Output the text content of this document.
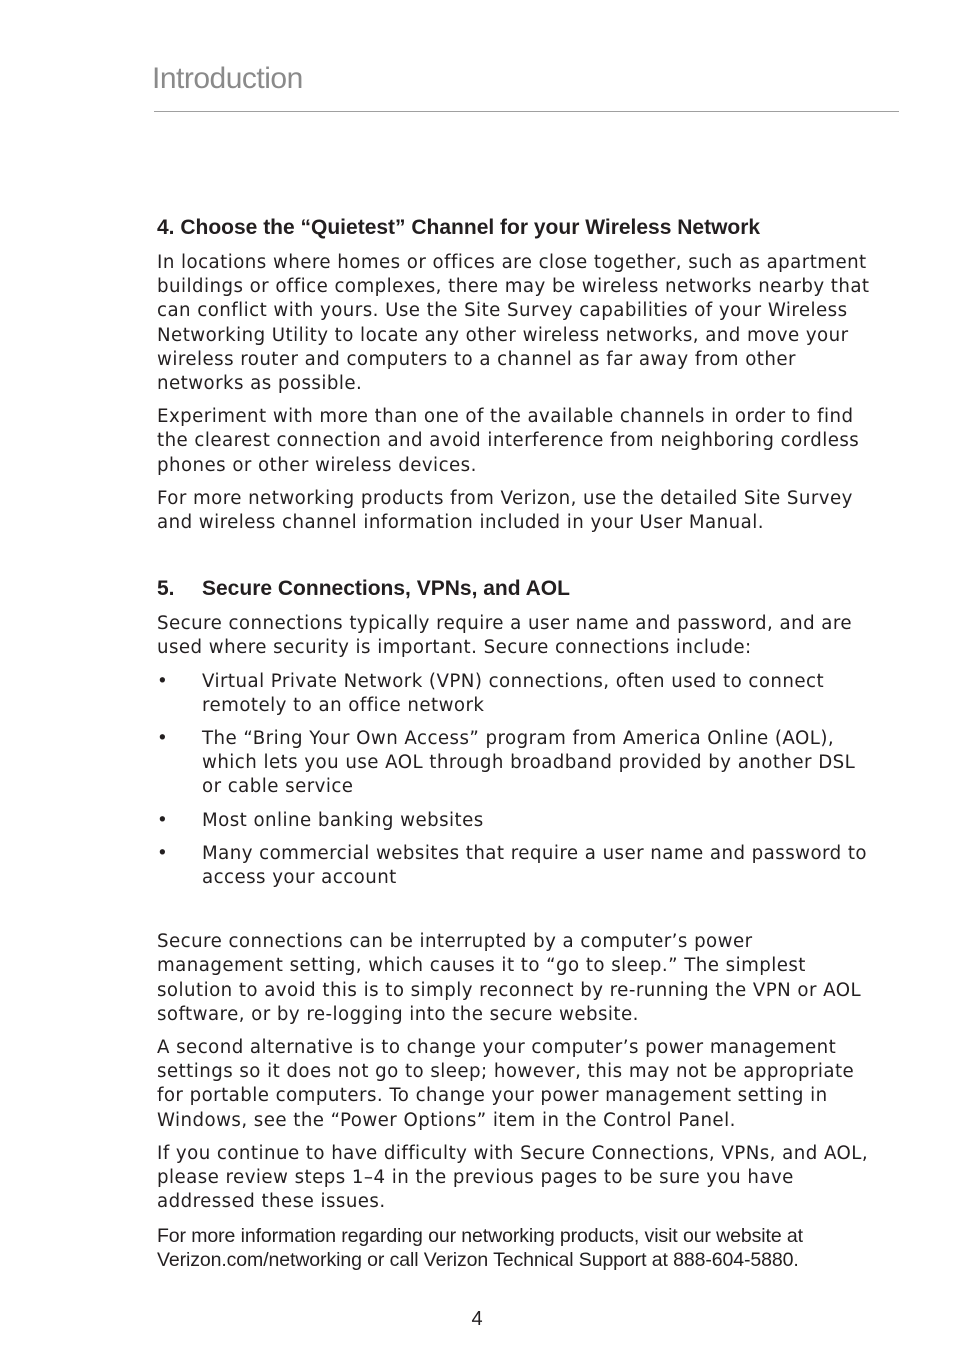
Introduction
4. Choose the “Quietest” Channel for your Wireless Network

In locations where homes or offices are close together, such as apartment buildings or office complexes, there may be wireless networks nearby that can conflict with yours. Use the Site Survey capabilities of your Wireless Networking Utility to locate any other wireless networks, and move your wireless router and computers to a channel as far away from other networks as possible.

Experiment with more than one of the available channels in order to find the clearest connection and avoid interference from neighboring cordless phones or other wireless devices.

For more networking products from Verizon, use the detailed Site Survey and wireless channel information included in your User Manual.

5. Secure Connections, VPNs, and AOL

Secure connections typically require a user name and password, and are used where security is important. Secure connections include:

• Virtual Private Network (VPN) connections, often used to connect remotely to an office network
• The “Bring Your Own Access” program from America Online (AOL), which lets you use AOL through broadband provided by another DSL or cable service
• Most online banking websites
• Many commercial websites that require a user name and password to access your account

Secure connections can be interrupted by a computer’s power management setting, which causes it to “go to sleep.” The simplest solution to avoid this is to simply reconnect by re-running the VPN or AOL software, or by re-logging into the secure website.

A second alternative is to change your computer’s power management settings so it does not go to sleep; however, this may not be appropriate for portable computers. To change your power management setting in Windows, see the “Power Options” item in the Control Panel.

If you continue to have difficulty with Secure Connections, VPNs, and AOL, please review steps 1–4 in the previous pages to be sure you have addressed these issues.

For more information regarding our networking products, visit our website at Verizon.com/networking or call Verizon Technical Support at 888-604-5880.

4
